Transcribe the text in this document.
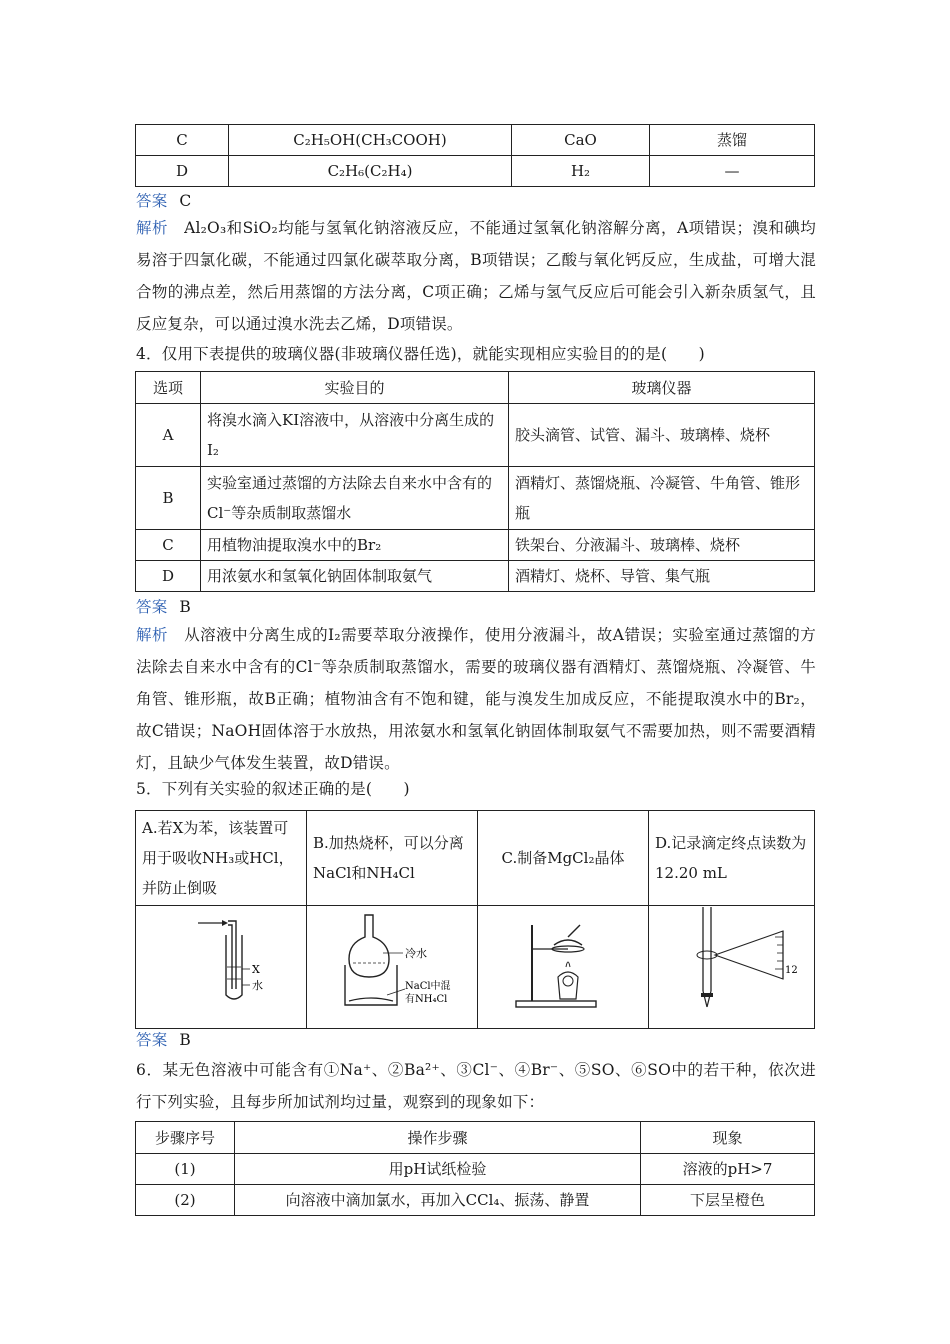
C	C₂H₅OH(CH₃COOH)	CaO	蒸馏
D	C₂H₆(C₂H₄)	H₂	—
答案 C
解析 Al₂O₃和SiO₂均能与氢氧化钠溶液反应，不能通过氢氧化钠溶解分离，A项错误；溴和碘均易溶于四氯化碳，不能通过四氯化碳萃取分离，B项错误；乙酸与氧化钙反应，生成盐，可增大混合物的沸点差，然后用蒸馏的方法分离，C项正确；乙烯与氢气反应后可能会引入新杂质氢气，且反应复杂，可以通过溴水洗去乙烯，D项错误。
4．仅用下表提供的玻璃仪器(非玻璃仪器任选)，就能实现相应实验目的的是(　　)
选项	实验目的	玻璃仪器
A	将溴水滴入KI溶液中，从溶液中分离生成的I₂	胶头滴管、试管、漏斗、玻璃棒、烧杯
B	实验室通过蒸馏的方法除去自来水中含有的Cl⁻等杂质制取蒸馏水	酒精灯、蒸馏烧瓶、冷凝管、牛角管、锥形瓶
C	用植物油提取溴水中的Br₂	铁架台、分液漏斗、玻璃棒、烧杯
D	用浓氨水和氢氧化钠固体制取氨气	酒精灯、烧杯、导管、集气瓶
答案 B
解析 从溶液中分离生成的I₂需要萃取分液操作，使用分液漏斗，故A错误；实验室通过蒸馏的方法除去自来水中含有的Cl⁻等杂质制取蒸馏水，需要的玻璃仪器有酒精灯、蒸馏烧瓶、冷凝管、牛角管、锥形瓶，故B正确；植物油含有不饱和键，能与溴发生加成反应，不能提取溴水中的Br₂，故C错误；NaOH固体溶于水放热，用浓氨水和氢氧化钠固体制取氨气不需要加热，则不需要酒精灯，且缺少气体发生装置，故D错误。
5．下列有关实验的叙述正确的是(　　)
A.若X为苯，该装置可用于吸收NH₃或HCl，并防止倒吸	B.加热烧杯，可以分离NaCl和NH₄Cl	C.制备MgCl₂晶体	D.记录滴定终点读数为12.20 mL

X
水	冷水
NaCl中混
有NH₄Cl		12
答案 B
6．某无色溶液中可能含有①Na⁺、②Ba²⁺、③Cl⁻、④Br⁻、⑤SO、⑥SO中的若干种，依次进行下列实验，且每步所加试剂均过量，观察到的现象如下：
步骤序号	操作步骤	现象
(1)	用pH试纸检验	溶液的pH>7
(2)	向溶液中滴加氯水，再加入CCl₄、振荡、静置	下层呈橙色
